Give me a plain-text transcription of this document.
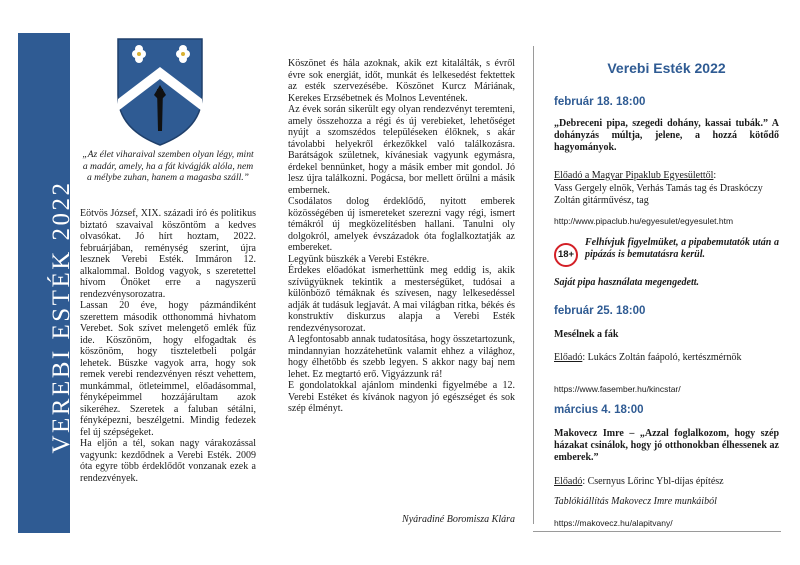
VEREBI ESTÉK 2022
„Az élet viharaival szemben olyan légy, mint a madár, amely, ha a fát kivágják alóla, nem a mélybe zuhan, hanem a magasba száll.”

Eötvös József, XIX. századi író és politikus biztató szavaival köszöntöm a kedves olvasókat. Jó hírt hoztam, 2022. februárjában, reménység szerint, újra lesznek Verebi Esték. Immáron 12. alkalommal. Boldog vagyok, s szeretettel hívom Önöket erre a nagyszerű rendezvénysorozatra.

Lassan 20 éve, hogy pázmándiként szerettem második otthonommá hivhatom Verebet. Sok szívet melengető emlék fűz ide. Köszönöm, hogy elfogadtak és köszönöm, hogy tiszteletbeli polgár lehetek. Büszke vagyok arra, hogy sok remek verebi rendezvényen részt vehettem, munkámmal, ötleteimmel, előadásommal, fényképeimmel hozzájárultam azok sikeréhez. Szeretek a faluban sétálni, fényképezni, beszélgetni. Mindig fedezek fel új szépségeket.

Ha eljön a tél, sokan nagy várakozással vagyunk: kezdődnek a Verebi Esték. 2009 óta egyre több érdeklődőt vonzanak ezek a rendezvények.

Köszönet és hála azoknak, akik ezt kitalálták, s évről évre sok energiát, időt, munkát és lelkesedést fektettek az esték szervezésébe. Köszönet Kurcz Máriának, Kerekes Erzsébetnek és Molnos Leventének.

Az évek során sikerült egy olyan rendezvényt teremteni, amely összehozza a régi és új verebieket, lehetőséget nyújt a szomszédos településeken élőknek, s akár távolabbi helyekről érkezőkkel való találkozásra. Barátságok születnek, kívánesiak vagyunk egymásra, érdekel bennünket, hogy a másik ember mit gondol. Jó lesz újra találkozni. Pogácsa, bor mellett örülni a másik embernek.

Csodálatos dolog érdeklődő, nyitott emberek közösségében új ismereteket szerezni vagy régi, ismert témákról új megközelítésben hallani. Tanulni oly dolgokról, amelyek évszázadok óta foglalkoztatják az embereket.

Legyünk büszkék a Verebi Estékre.

Érdekes előadókat ismerhettünk meg eddig is, akik szívügyüknek tekintik a mesterségüket, tudósai a különböző témáknak és szívesen, nagy lelkesedéssel adják át tudásuk legjavát. A mai világban ritka, békés és konstruktív diskurzus alapja a Verebi Esték rendezvénysorozat.

A legfontosabb annak tudatosítása, hogy összetartozunk, mindannyian hozzátehetünk valamit ehhez a világhoz, hogy élhetőbb és szebb legyen. S akkor nagy baj nem lehet. Ez megtartó erő. Vigyázzunk rá!

E gondolatokkal ajánlom mindenki figyelmébe a 12. Verebi Estéket és kívánok nagyon jó egészséget és sok szép élményt.

Nyáradiné Boromisza Klára
Verebi Esték 2022
február 18. 18:00
„Debreceni pipa, szegedi dohány, kassai tubák.” A dohányzás múltja, jelene, a hozzá kötődő hagyományok.
Előadó a Magyar Pipaklub Egyesülettől:
Vass Gergely elnök, Verhás Tamás tag és Draskóczy Zoltán gitárművész, tag
http://www.pipaclub.hu/egyesulet/egyesulet.htm
18+
Felhívjuk figyelmüket, a pipabemutatók után a pipázás is bemutatásra kerül.
Saját pipa használata megengedett.
február 25. 18:00
Mesélnek a fák
Előadó: Lukács Zoltán faápoló, kertészmérnök
https://www.fasember.hu/kincstar/
március 4. 18:00
Makovecz Imre – „Azzal foglalkozom, hogy szép házakat csinálok, hogy jó otthonokban élhessenek az emberek.”
Előadó: Csernyus Lőrinc Ybl-díjas építész
Tablókiállítás Makovecz Imre munkáiból
https://makovecz.hu/alapitvany/
